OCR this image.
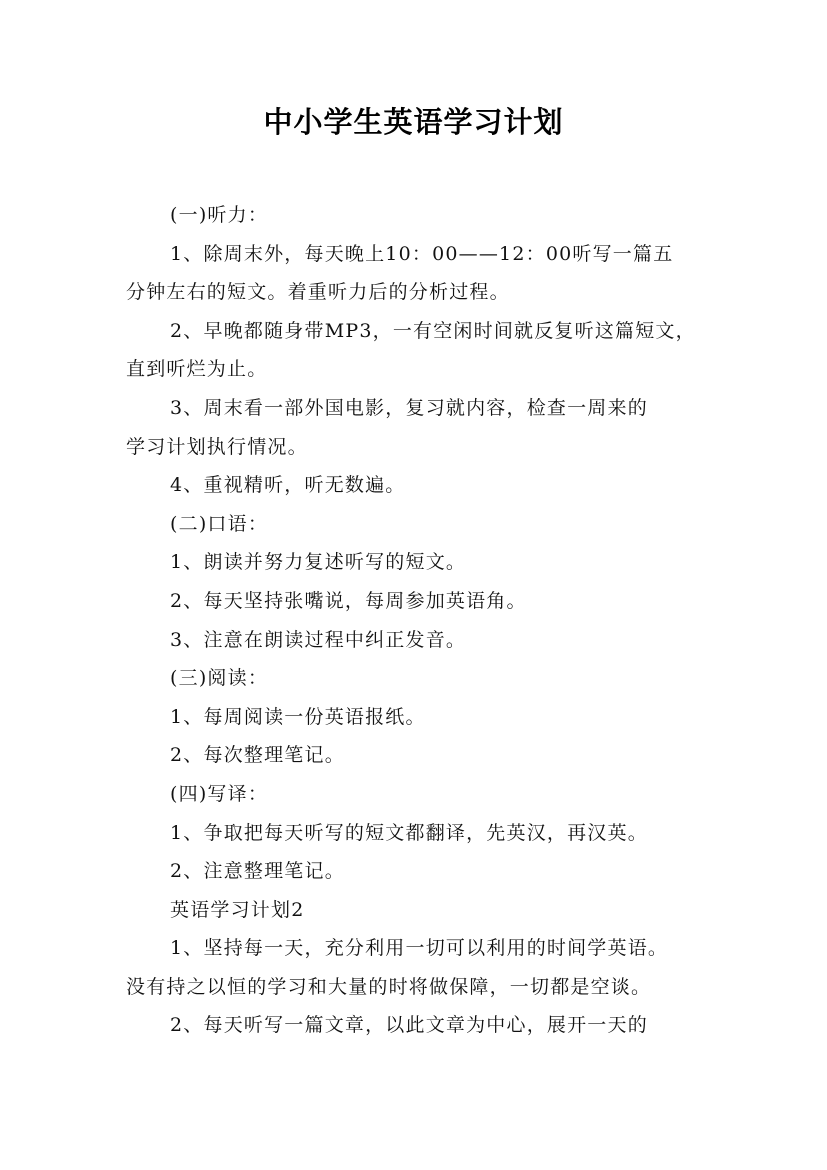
中小学生英语学习计划

(一)听力：

1、除周末外，每天晚上10：00——12：00听写一篇五

分钟左右的短文。着重听力后的分析过程。

2、早晚都随身带MP3，一有空闲时间就反复听这篇短文，

直到听烂为止。

3、周末看一部外国电影，复习就内容，检查一周来的

学习计划执行情况。

4、重视精听，听无数遍。

(二)口语：

1、朗读并努力复述听写的短文。

2、每天坚持张嘴说，每周参加英语角。

3、注意在朗读过程中纠正发音。

(三)阅读：

1、每周阅读一份英语报纸。

2、每次整理笔记。

(四)写译：

1、争取把每天听写的短文都翻译，先英汉，再汉英。

2、注意整理笔记。

英语学习计划2

1、坚持每一天，充分利用一切可以利用的时间学英语。

没有持之以恒的学习和大量的时将做保障，一切都是空谈。

2、每天听写一篇文章，以此文章为中心，展开一天的
